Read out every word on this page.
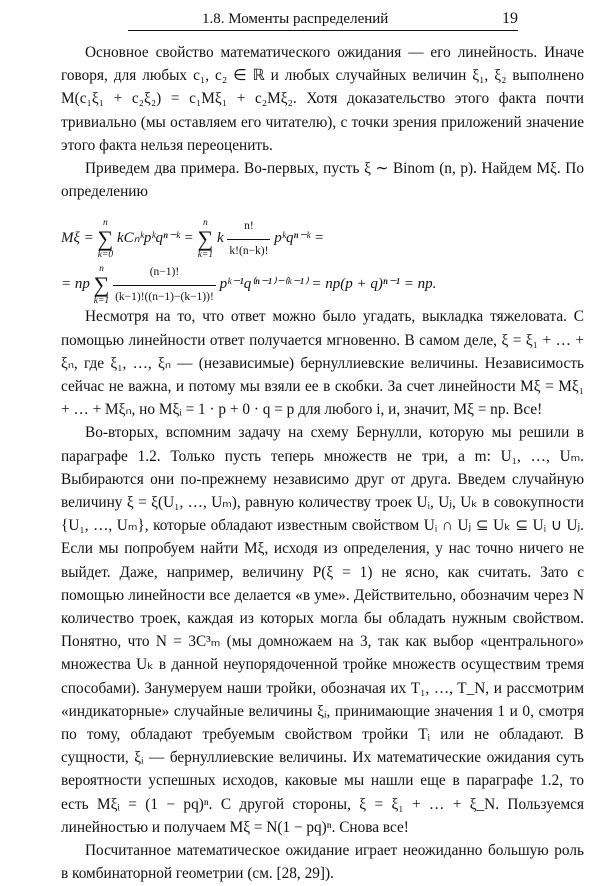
1.8. Моменты распределений	19

Основное свойство математического ожидания — его линейность. Иначе говоря, для любых c₁, c₂ ∈ ℝ и любых случайных величин ξ₁, ξ₂ выполнено M(c₁ξ₁ + c₂ξ₂) = c₁Mξ₁ + c₂Mξ₂. Хотя доказательство этого факта почти тривиально (мы оставляем его читателю), с точки зрения приложений значение этого факта нельзя переоценить.

Приведем два примера. Во-первых, пусть ξ ∼ Binom (n, p). Найдем Mξ. По определению

Mξ =
n
∑
k=0
kCₙᵏpᵏqⁿ⁻ᵏ =
n
∑
k=1
k $\frac{n!}{k!(n-k)!}$ pᵏqⁿ⁻ᵏ =
= np
n
∑
k=1
$\frac{(n-1)!}{(k-1)!((n-1)-(k-1))!}$ pᵏ⁻¹q⁽ⁿ⁻¹⁾⁻⁽ᵏ⁻¹⁾ = np(p + q)ⁿ⁻¹ = np.

Несмотря на то, что ответ можно было угадать, выкладка тяжеловата. С помощью линейности ответ получается мгновенно. В самом деле, ξ = ξ₁ + … + ξₙ, где ξ₁, …, ξₙ — (независимые) бернуллиевские величины. Независимость сейчас не важна, и потому мы взяли ее в скобки. За счет линейности Mξ = Mξ₁ + … + Mξₙ, но Mξᵢ = 1 · p + 0 · q = p для любого i, и, значит, Mξ = np. Все!

Во-вторых, вспомним задачу на схему Бернулли, которую мы решили в параграфе 1.2. Только пусть теперь множеств не три, а m: U₁, …, Uₘ. Выбираются они по-прежнему независимо друг от друга. Введем случайную величину ξ = ξ(U₁, …, Uₘ), равную количеству троек Uᵢ, Uⱼ, Uₖ в совокупности {U₁, …, Uₘ}, которые обладают известным свойством Uᵢ ∩ Uⱼ ⊆ Uₖ ⊆ Uᵢ ∪ Uⱼ. Если мы попробуем найти Mξ, исходя из определения, у нас точно ничего не выйдет. Даже, например, величину P(ξ = 1) не ясно, как считать. Зато с помощью линейности все делается «в уме». Действительно, обозначим через N количество троек, каждая из которых могла бы обладать нужным свойством. Понятно, что N = 3C³ₘ (мы домножаем на 3, так как выбор «центрального» множества Uₖ в данной неупорядоченной тройке множеств осуществим тремя способами). Занумеруем наши тройки, обозначая их T₁, …, T_N, и рассмотрим «индикаторные» случайные величины ξᵢ, принимающие значения 1 и 0, смотря по тому, обладают требуемым свойством тройки Tᵢ или не обладают. В сущности, ξᵢ — бернуллиевские величины. Их математические ожидания суть вероятности успешных исходов, каковые мы нашли еще в параграфе 1.2, то есть Mξᵢ = (1 − pq)ⁿ. С другой стороны, ξ = ξ₁ + … + ξ_N. Пользуемся линейностью и получаем Mξ = N(1 − pq)ⁿ. Снова все!

Посчитанное математическое ожидание играет неожиданно большую роль в комбинаторной геометрии (см. [28, 29]).
